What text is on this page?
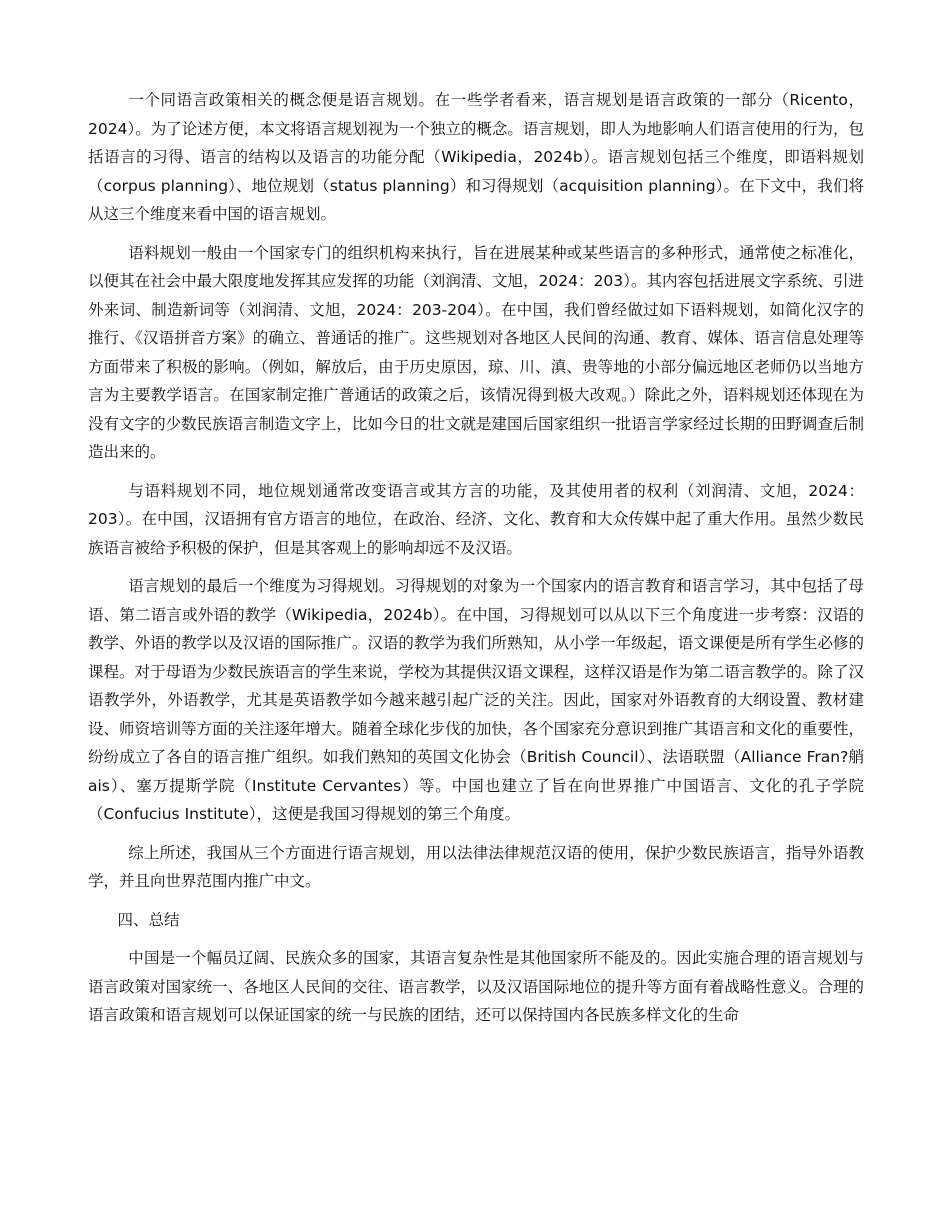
一个同语言政策相关的概念便是语言规划。在一些学者看来，语言规划是语言政策的一部分（Ricento，2024）。为了论述方便，本文将语言规划视为一个独立的概念。语言规划，即人为地影响人们语言使用的行为，包括语言的习得、语言的结构以及语言的功能分配（Wikipedia，2024b）。语言规划包括三个维度，即语料规划（corpus planning）、地位规划（status planning）和习得规划（acquisition planning）。在下文中，我们将从这三个维度来看中国的语言规划。

语料规划一般由一个国家专门的组织机构来执行，旨在进展某种或某些语言的多种形式，通常使之标准化，以便其在社会中最大限度地发挥其应发挥的功能（刘润清、文旭，2024：203）。其内容包括进展文字系统、引进外来词、制造新词等（刘润清、文旭，2024：203-204）。在中国，我们曾经做过如下语料规划，如简化汉字的推行、《汉语拼音方案》的确立、普通话的推广。这些规划对各地区人民间的沟通、教育、媒体、语言信息处理等方面带来了积极的影响。（例如，解放后，由于历史原因，琼、川、滇、贵等地的小部分偏远地区老师仍以当地方言为主要教学语言。在国家制定推广普通话的政策之后，该情况得到极大改观。）除此之外，语料规划还体现在为没有文字的少数民族语言制造文字上，比如今日的壮文就是建国后国家组织一批语言学家经过长期的田野调查后制造出来的。

与语料规划不同，地位规划通常改变语言或其方言的功能，及其使用者的权利（刘润清、文旭，2024：203）。在中国，汉语拥有官方语言的地位，在政治、经济、文化、教育和大众传媒中起了重大作用。虽然少数民族语言被给予积极的保护，但是其客观上的影响却远不及汉语。

语言规划的最后一个维度为习得规划。习得规划的对象为一个国家内的语言教育和语言学习，其中包括了母语、第二语言或外语的教学（Wikipedia，2024b）。在中国，习得规划可以从以下三个角度进一步考察：汉语的教学、外语的教学以及汉语的国际推广。汉语的教学为我们所熟知，从小学一年级起，语文课便是所有学生必修的课程。对于母语为少数民族语言的学生来说，学校为其提供汉语文课程，这样汉语是作为第二语言教学的。除了汉语教学外，外语教学，尤其是英语教学如今越来越引起广泛的关注。因此，国家对外语教育的大纲设置、教材建设、师资培训等方面的关注逐年增大。随着全球化步伐的加快，各个国家充分意识到推广其语言和文化的重要性，纷纷成立了各自的语言推广组织。如我们熟知的英国文化协会（British Council）、法语联盟（Alliance Fran?艄 ais）、塞万提斯学院（Institute Cervantes）等。中国也建立了旨在向世界推广中国语言、文化的孔子学院（Confucius Institute），这便是我国习得规划的第三个角度。

综上所述，我国从三个方面进行语言规划，用以法律法律规范汉语的使用，保护少数民族语言，指导外语教学，并且向世界范围内推广中文。

四、总结

中国是一个幅员辽阔、民族众多的国家，其语言复杂性是其他国家所不能及的。因此实施合理的语言规划与语言政策对国家统一、各地区人民间的交往、语言教学，以及汉语国际地位的提升等方面有着战略性意义。合理的语言政策和语言规划可以保证国家的统一与民族的团结，还可以保持国内各民族多样文化的生命
